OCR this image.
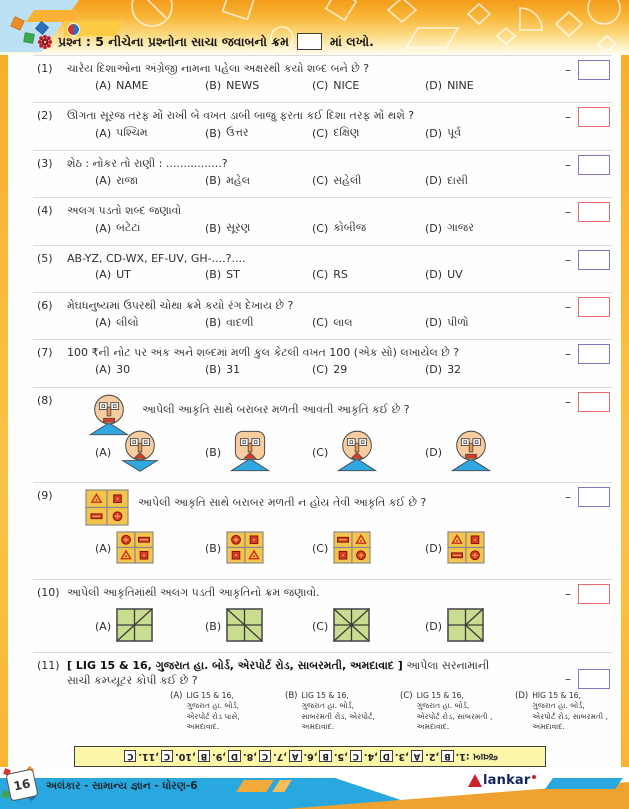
પ્રશ્ન : 5 નીચેના પ્રશ્નોના સાચા જવાબનો ક્રમ	માં લખો.
(1)	ચારેય દિશાઓના અંગ્રેજી નામના પહેલા અક્ષરથી કયો શબ્દ બને છે ?
(A) NAME	(B) NEWS	(C) NICE	(D) NINE
–
(2)	ઊગતા સૂરજ તરફ મોં રાખી બે વખત ડાબી બાજુ ફરતા કઈ દિશા તરફ મોં થશે ?
(A) પશ્ચિમ	(B) ઉત્તર	(C) દક્ષિણ	(D) પૂર્વ
–
(3)	શેઠ : નોકર તો રાણી : ................?
(A) રાજા	(B) મહેલ	(C) સહેલી	(D) દાસી
–
(4)	અલગ પડતો શબ્દ જણાવો
(A) બટેટાં	(B) સૂરણ	(C) કોબીજ	(D) ગાજર
–
(5)	AB-YZ, CD-WX, EF-UV, GH-....?....
(A) UT	(B) ST	(C) RS	(D) UV
–
(6)	મેઘધનુષ્યમાં ઉપરથી ચોથા ક્રમે કયો રંગ દેખાય છે ?
(A) લીલો	(B) વાદળી	(C) લાલ	(D) પીળો
–
(7)	100 ₹ની નોટ પર અંક અને શબ્દમાં મળી કુલ કેટલી વખત 100 (એક સો) લખાયેલ છે ?
(A) 30	(B) 31	(C) 29	(D) 32
–
(8)
આપેલી આકૃતિ સાથે બરાબર મળતી આવતી આકૃતિ કઈ છે ?
(A)	(B)	(C)	(D)
–
(9)
આપેલી આકૃતિ સાથે બરાબર મળતી ન હોય તેવી આકૃતિ કઈ છે ?
(A)	(B)	(C)	(D)
–
(10) આપેલી આકૃતિમાંથી અલગ પડતી આકૃતિનો ક્રમ જણાવો.
(A)	(B)	(C)	(D)
–
(11) [ LIG 15 & 16, ગુજરાત હા. બોર્ડ, એરપોર્ટ રોડ, સાબરમતી, અમદાવાદ ] આપેલા સરનામાની
સાચી કમ્પ્યૂટર કોપી કઈ છે ?
(A) LIG 15 & 16,
ગુજરાત હા. બોર્ડ,
એરપોર્ટ રોડ પાસે,
અમદાવાદ.
(B) LIG 15 & 16,
ગુજરાત હા. બોર્ડ,
સાબરમતી રોડ, એરપોર્ટ,
અમદાવાદ.
(C) LIG 15 & 16,
ગુજરાત હા. બોર્ડ,
એરપોર્ટ રોડ, સાબરમતી ,
અમદાવાદ.
(D) HIG 15 & 16,
ગુજરાત હા. બોર્ડ,
એરપોર્ટ રોડ, સાબરમતી ,
અમદાવાદ.
–
જવાબ :
1.
B
,
2.
A
,
3.
D
,
4.
C
,
5.
B
,
6.
A
,
7.
C
,
8.
D
,
9.
B
,
10.
C
,
11.
C
16	અલંકાર - સામાન્ય જ્ઞાન - ધોરણ-6	lankar
